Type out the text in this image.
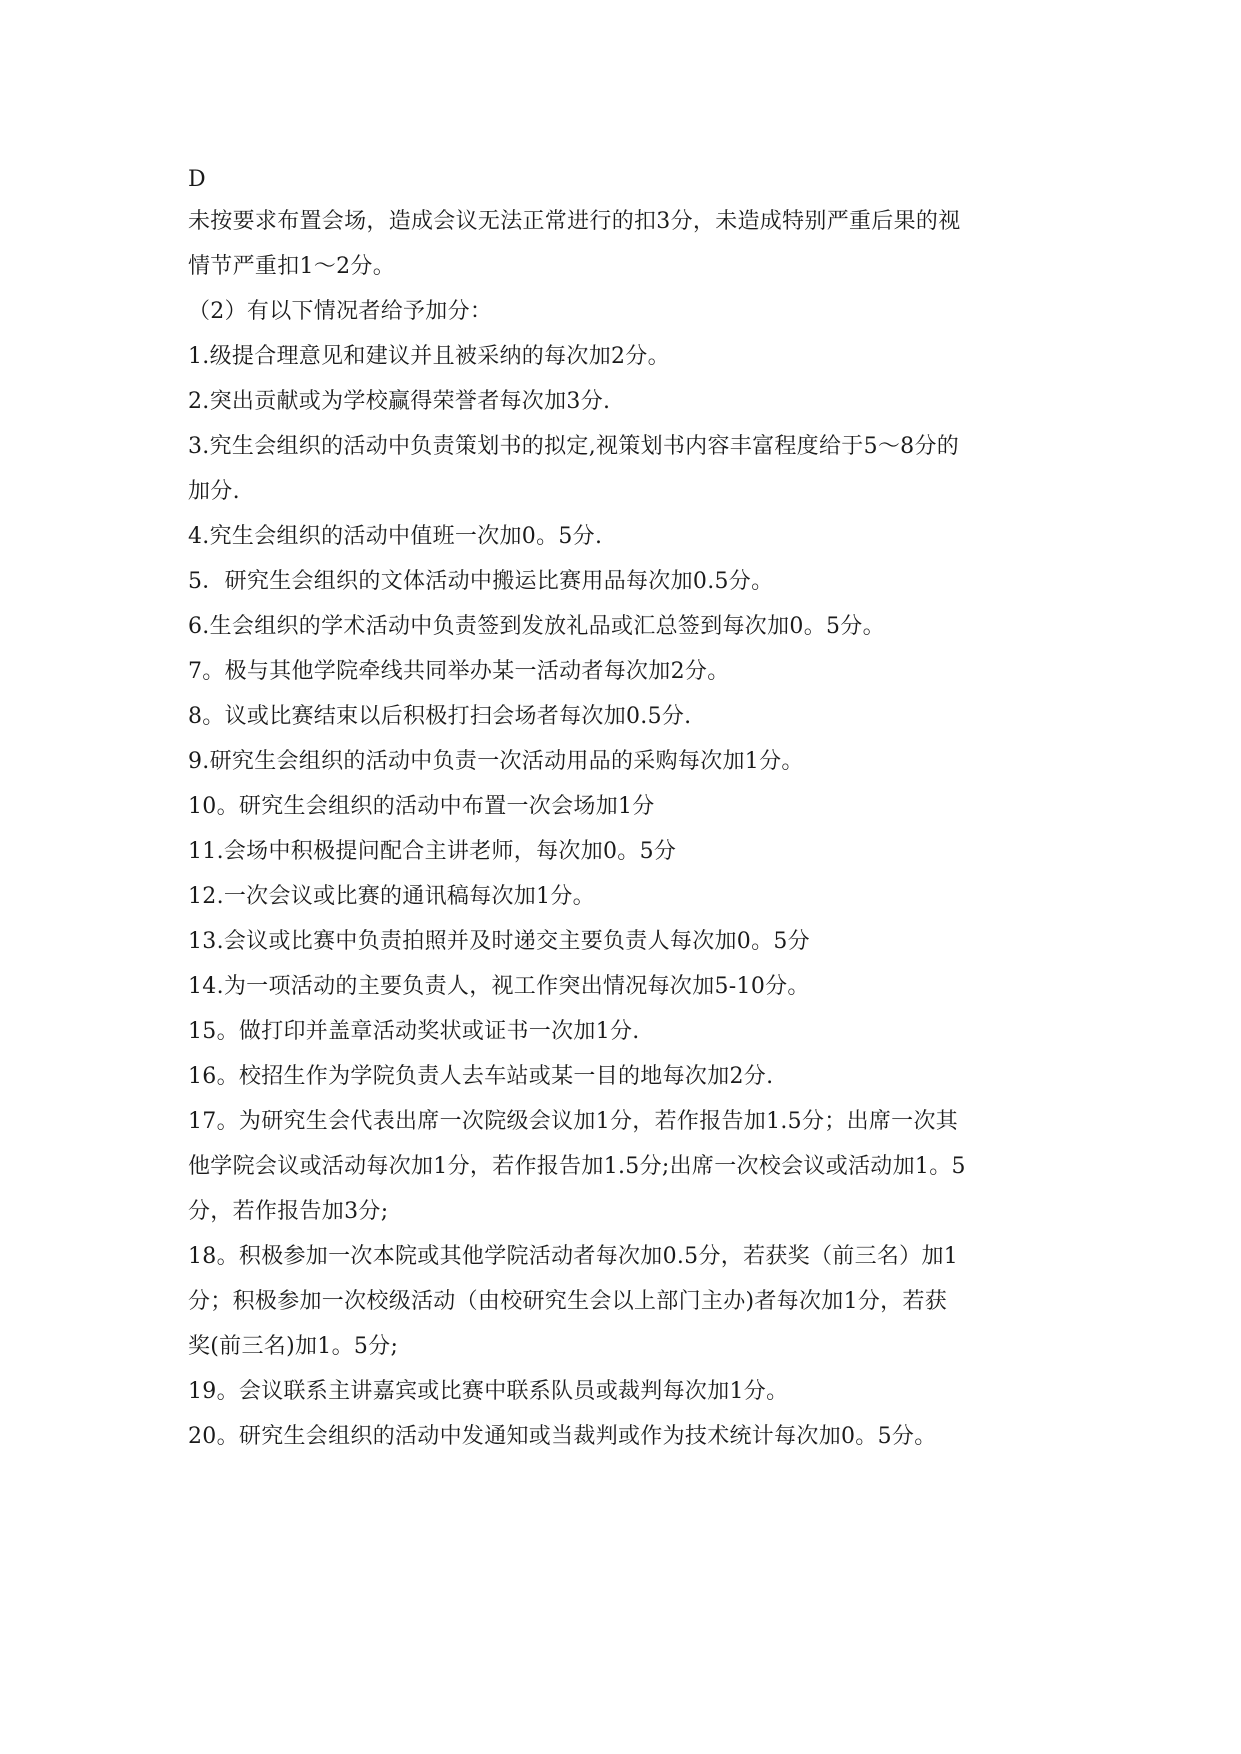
D
未按要求布置会场，造成会议无法正常进行的扣3分，未造成特别严重后果的视
情节严重扣1～2分。
（2）有以下情况者给予加分：
1.级提合理意见和建议并且被采纳的每次加2分。
2.突出贡献或为学校赢得荣誉者每次加3分.
3.究生会组织的活动中负责策划书的拟定,视策划书内容丰富程度给于5～8分的
加分.
4.究生会组织的活动中值班一次加0。5分.
5．研究生会组织的文体活动中搬运比赛用品每次加0.5分。
6.生会组织的学术活动中负责签到发放礼品或汇总签到每次加0。5分。
7。极与其他学院牵线共同举办某一活动者每次加2分。
8。议或比赛结束以后积极打扫会场者每次加0.5分.
9.研究生会组织的活动中负责一次活动用品的采购每次加1分。
10。研究生会组织的活动中布置一次会场加1分
11.会场中积极提问配合主讲老师，每次加0。5分
12.一次会议或比赛的通讯稿每次加1分。
13.会议或比赛中负责拍照并及时递交主要负责人每次加0。5分
14.为一项活动的主要负责人，视工作突出情况每次加5-10分。
15。做打印并盖章活动奖状或证书一次加1分.
16。校招生作为学院负责人去车站或某一目的地每次加2分.
17。为研究生会代表出席一次院级会议加1分，若作报告加1.5分；出席一次其
他学院会议或活动每次加1分，若作报告加1.5分;出席一次校会议或活动加1。5
分，若作报告加3分;
18。积极参加一次本院或其他学院活动者每次加0.5分，若获奖（前三名）加1
分；积极参加一次校级活动（由校研究生会以上部门主办)者每次加1分，若获
奖(前三名)加1。5分;
19。会议联系主讲嘉宾或比赛中联系队员或裁判每次加1分。
20。研究生会组织的活动中发通知或当裁判或作为技术统计每次加0。5分。
